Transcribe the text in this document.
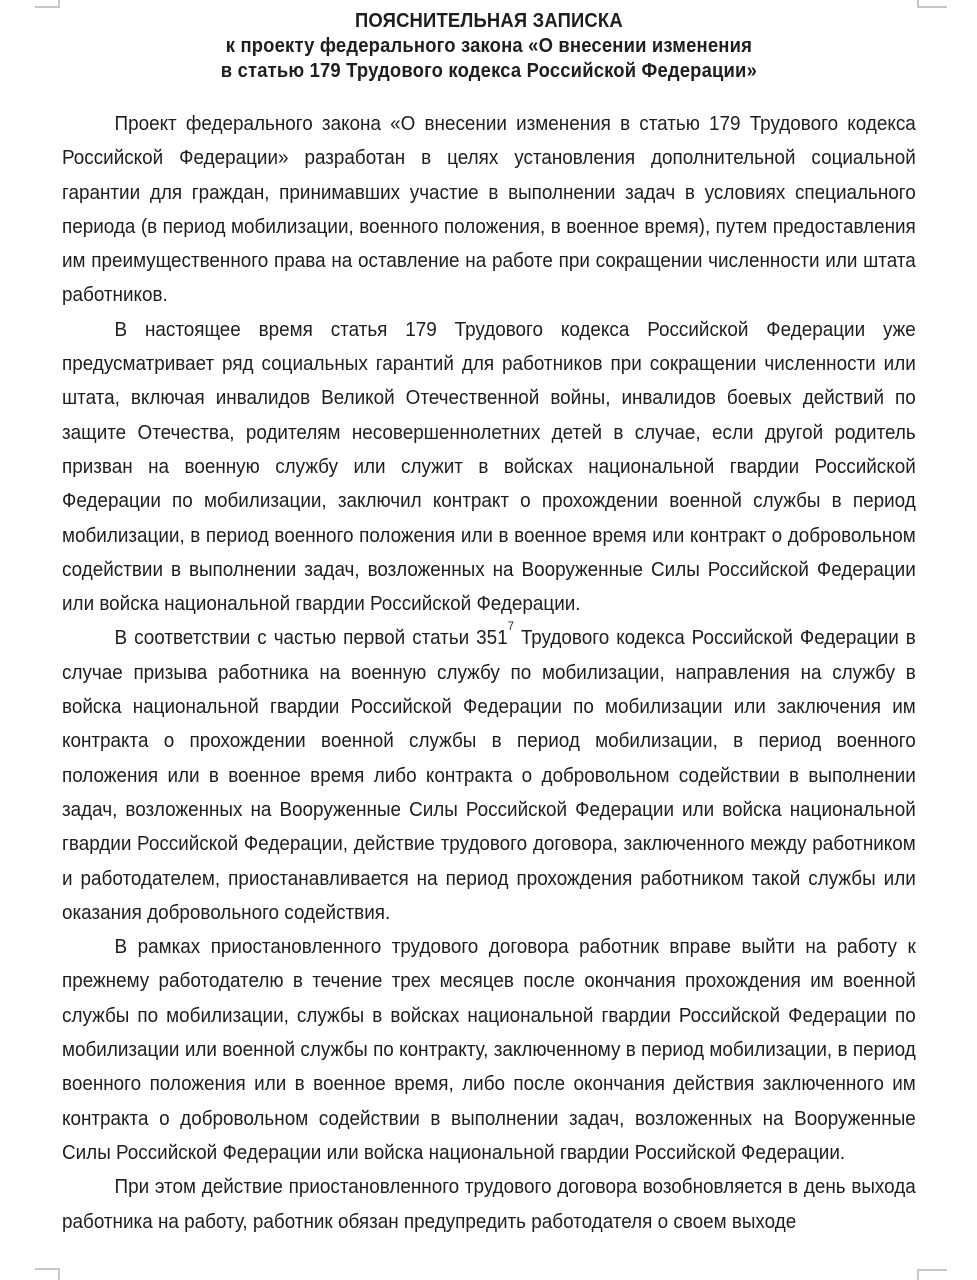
ПОЯСНИТЕЛЬНАЯ ЗАПИСКА
к проекту федерального закона «О внесении изменения
в статью 179 Трудового кодекса Российской Федерации»

Проект федерального закона «О внесении изменения в статью 179 Трудового кодекса Российской Федерации» разработан в целях установления дополнительной социальной гарантии для граждан, принимавших участие в выполнении задач в условиях специального периода (в период мобилизации, военного положения, в военное время), путем предоставления им преимущественного права на оставление на работе при сокращении численности или штата работников.

В настоящее время статья 179 Трудового кодекса Российской Федерации уже предусматривает ряд социальных гарантий для работников при сокращении численности или штата, включая инвалидов Великой Отечественной войны, инвалидов боевых действий по защите Отечества, родителям несовершеннолетних детей в случае, если другой родитель призван на военную службу или служит в войсках национальной гвардии Российской Федерации по мобилизации, заключил контракт о прохождении военной службы в период мобилизации, в период военного положения или в военное время или контракт о добровольном содействии в выполнении задач, возложенных на Вооруженные Силы Российской Федерации или войска национальной гвардии Российской Федерации.

В соответствии с частью первой статьи 351$^7$ Трудового кодекса Российской Федерации в случае призыва работника на военную службу по мобилизации, направления на службу в войска национальной гвардии Российской Федерации по мобилизации или заключения им контракта о прохождении военной службы в период мобилизации, в период военного положения или в военное время либо контракта о добровольном содействии в выполнении задач, возложенных на Вооруженные Силы Российской Федерации или войска национальной гвардии Российской Федерации, действие трудового договора, заключенного между работником и работодателем, приостанавливается на период прохождения работником такой службы или оказания добровольного содействия.

В рамках приостановленного трудового договора работник вправе выйти на работу к прежнему работодателю в течение трех месяцев после окончания прохождения им военной службы по мобилизации, службы в войсках национальной гвардии Российской Федерации по мобилизации или военной службы по контракту, заключенному в период мобилизации, в период военного положения или в военное время, либо после окончания действия заключенного им контракта о добровольном содействии в выполнении задач, возложенных на Вооруженные Силы Российской Федерации или войска национальной гвардии Российской Федерации.

При этом действие приостановленного трудового договора возобновляется в день выхода работника на работу, работник обязан предупредить работодателя о своем выходе
